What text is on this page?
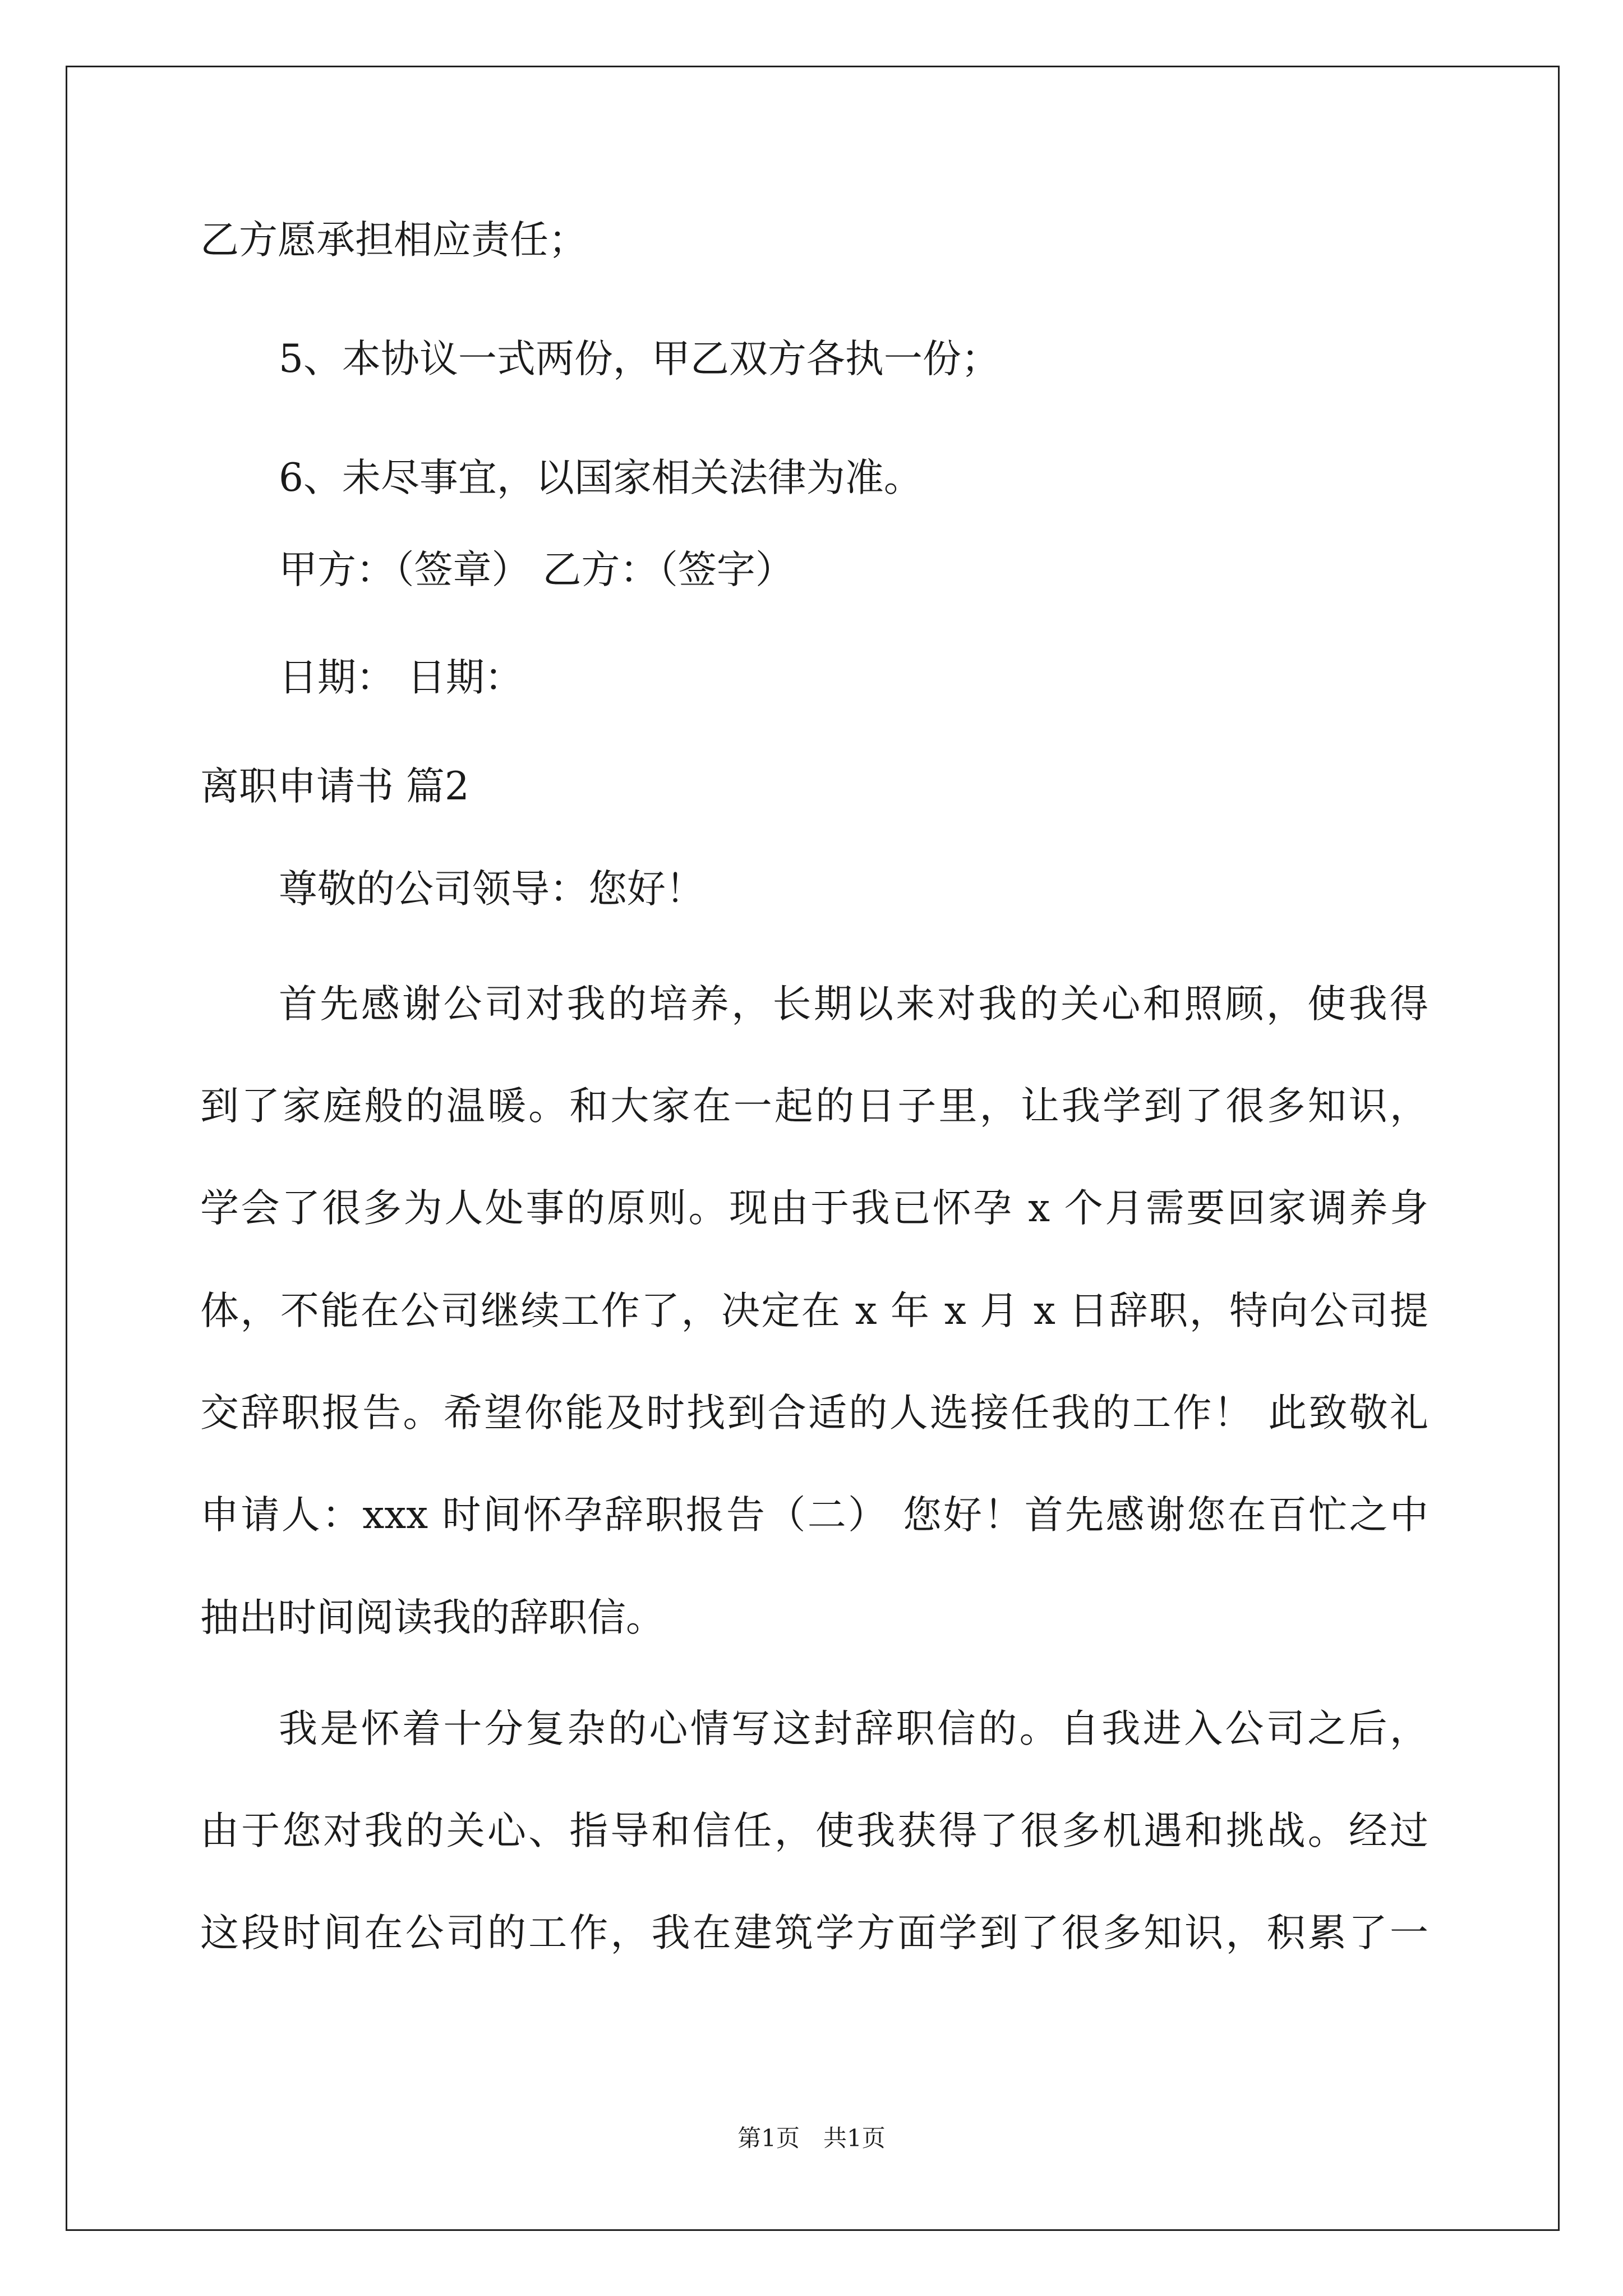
乙方愿承担相应责任；
5、本协议一式两份，甲乙双方各执一份；
6、未尽事宜，以国家相关法律为准。
甲方：（签章） 乙方：（签字）
日期： 日期：
离职申请书 篇2
尊敬的公司领导：您好！
首先感谢公司对我的培养，长期以来对我的关心和照顾，使我得
到了家庭般的温暖。和大家在一起的日子里，让我学到了很多知识，
学会了很多为人处事的原则。现由于我已怀孕 x 个月需要回家调养身
体，不能在公司继续工作了，决定在 x 年 x 月 x 日辞职，特向公司提
交辞职报告。希望你能及时找到合适的人选接任我的工作！ 此致敬礼
申请人：xxx 时间怀孕辞职报告（二） 您好！首先感谢您在百忙之中
抽出时间阅读我的辞职信。
我是怀着十分复杂的心情写这封辞职信的。自我进入公司之后，
由于您对我的关心、指导和信任，使我获得了很多机遇和挑战。经过
这段时间在公司的工作，我在建筑学方面学到了很多知识，积累了一
第1页　共1页
